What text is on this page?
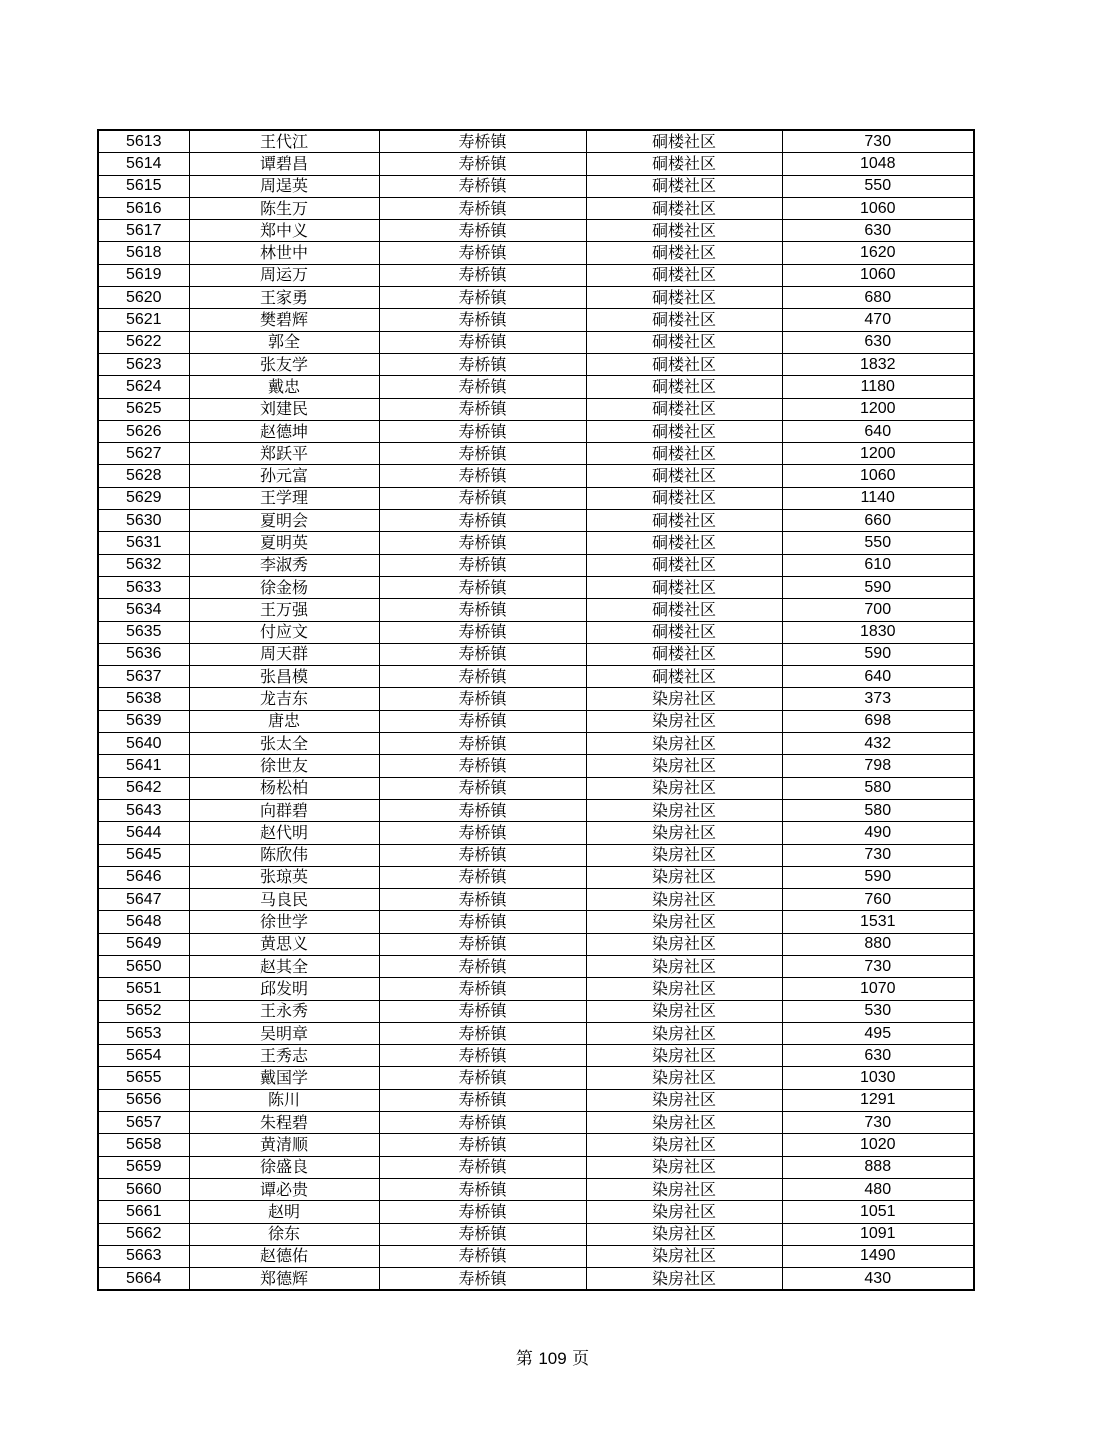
5613	王代江	寿桥镇	硐楼社区	730
5614	谭碧昌	寿桥镇	硐楼社区	1048
5615	周逞英	寿桥镇	硐楼社区	550
5616	陈生万	寿桥镇	硐楼社区	1060
5617	郑中义	寿桥镇	硐楼社区	630
5618	林世中	寿桥镇	硐楼社区	1620
5619	周运万	寿桥镇	硐楼社区	1060
5620	王家勇	寿桥镇	硐楼社区	680
5621	樊碧辉	寿桥镇	硐楼社区	470
5622	郭全	寿桥镇	硐楼社区	630
5623	张友学	寿桥镇	硐楼社区	1832
5624	戴忠	寿桥镇	硐楼社区	1180
5625	刘建民	寿桥镇	硐楼社区	1200
5626	赵德坤	寿桥镇	硐楼社区	640
5627	郑跃平	寿桥镇	硐楼社区	1200
5628	孙元富	寿桥镇	硐楼社区	1060
5629	王学理	寿桥镇	硐楼社区	1140
5630	夏明会	寿桥镇	硐楼社区	660
5631	夏明英	寿桥镇	硐楼社区	550
5632	李淑秀	寿桥镇	硐楼社区	610
5633	徐金杨	寿桥镇	硐楼社区	590
5634	王万强	寿桥镇	硐楼社区	700
5635	付应文	寿桥镇	硐楼社区	1830
5636	周天群	寿桥镇	硐楼社区	590
5637	张昌模	寿桥镇	硐楼社区	640
5638	龙吉东	寿桥镇	染房社区	373
5639	唐忠	寿桥镇	染房社区	698
5640	张太全	寿桥镇	染房社区	432
5641	徐世友	寿桥镇	染房社区	798
5642	杨松柏	寿桥镇	染房社区	580
5643	向群碧	寿桥镇	染房社区	580
5644	赵代明	寿桥镇	染房社区	490
5645	陈欣伟	寿桥镇	染房社区	730
5646	张琼英	寿桥镇	染房社区	590
5647	马良民	寿桥镇	染房社区	760
5648	徐世学	寿桥镇	染房社区	1531
5649	黄思义	寿桥镇	染房社区	880
5650	赵其全	寿桥镇	染房社区	730
5651	邱发明	寿桥镇	染房社区	1070
5652	王永秀	寿桥镇	染房社区	530
5653	吴明章	寿桥镇	染房社区	495
5654	王秀志	寿桥镇	染房社区	630
5655	戴国学	寿桥镇	染房社区	1030
5656	陈川	寿桥镇	染房社区	1291
5657	朱程碧	寿桥镇	染房社区	730
5658	黄清顺	寿桥镇	染房社区	1020
5659	徐盛良	寿桥镇	染房社区	888
5660	谭必贵	寿桥镇	染房社区	480
5661	赵明	寿桥镇	染房社区	1051
5662	徐东	寿桥镇	染房社区	1091
5663	赵德佑	寿桥镇	染房社区	1490
5664	郑德辉	寿桥镇	染房社区	430
第 109 页
